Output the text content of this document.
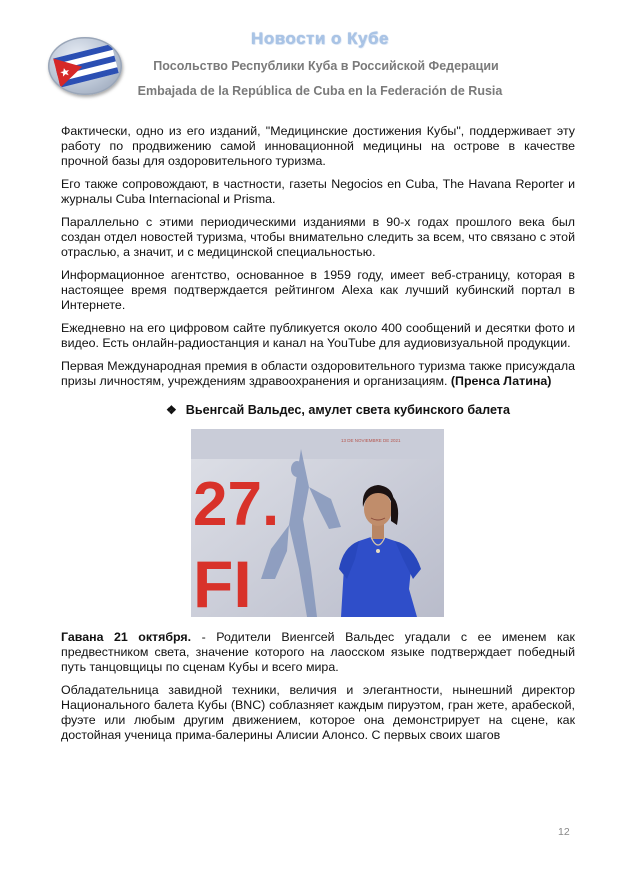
Новости о Кубе
Посольство Республики Куба в Российской Федерации
Embajada de la República de Cuba en la Federación de Rusia

Фактически, одно из его изданий, "Медицинские достижения Кубы", поддерживает эту работу по продвижению самой инновационной медицины на острове в качестве прочной базы для оздоровительного туризма.

Его также сопровождают, в частности, газеты Negocios en Cuba, The Havana Reporter и журналы Cuba Internacional и Prisma.

Параллельно с этими периодическими изданиями в 90-х годах прошлого века был создан отдел новостей туризма, чтобы внимательно следить за всем, что связано с этой отраслью, а значит, и с медицинской специальностью.

Информационное агентство, основанное в 1959 году, имеет веб-страницу, которая в настоящее время подтверждается рейтингом Alexa как лучший кубинский портал в Интернете.

Ежедневно на его цифровом сайте публикуется около 400 сообщений и десятки фото и видео. Есть онлайн-радиостанция и канал на YouTube для аудиовизуальной продукции.

Первая Международная премия в области оздоровительного туризма также присуждала призы личностям, учреждениям здравоохранения и организациям. (Пренса Латина)

❖ Вьенгсай Вальдес, амулет света кубинского балета
27.
FI
13 DE NOVIEMBRE DE 2021

Гавана 21 октября. - Родители Виенгсей Вальдес угадали с ее именем как предвестником света, значение которого на лаосском языке подтверждает победный путь танцовщицы по сценам Кубы и всего мира.

Обладательница завидной техники, величия и элегантности, нынешний директор Национального балета Кубы (BNC) соблазняет каждым пируэтом, гран жете, арабеской, фуэте или любым другим движением, которое она демонстрирует на сцене, как достойная ученица прима-балерины Алисии Алонсо. С первых своих шагов

12
